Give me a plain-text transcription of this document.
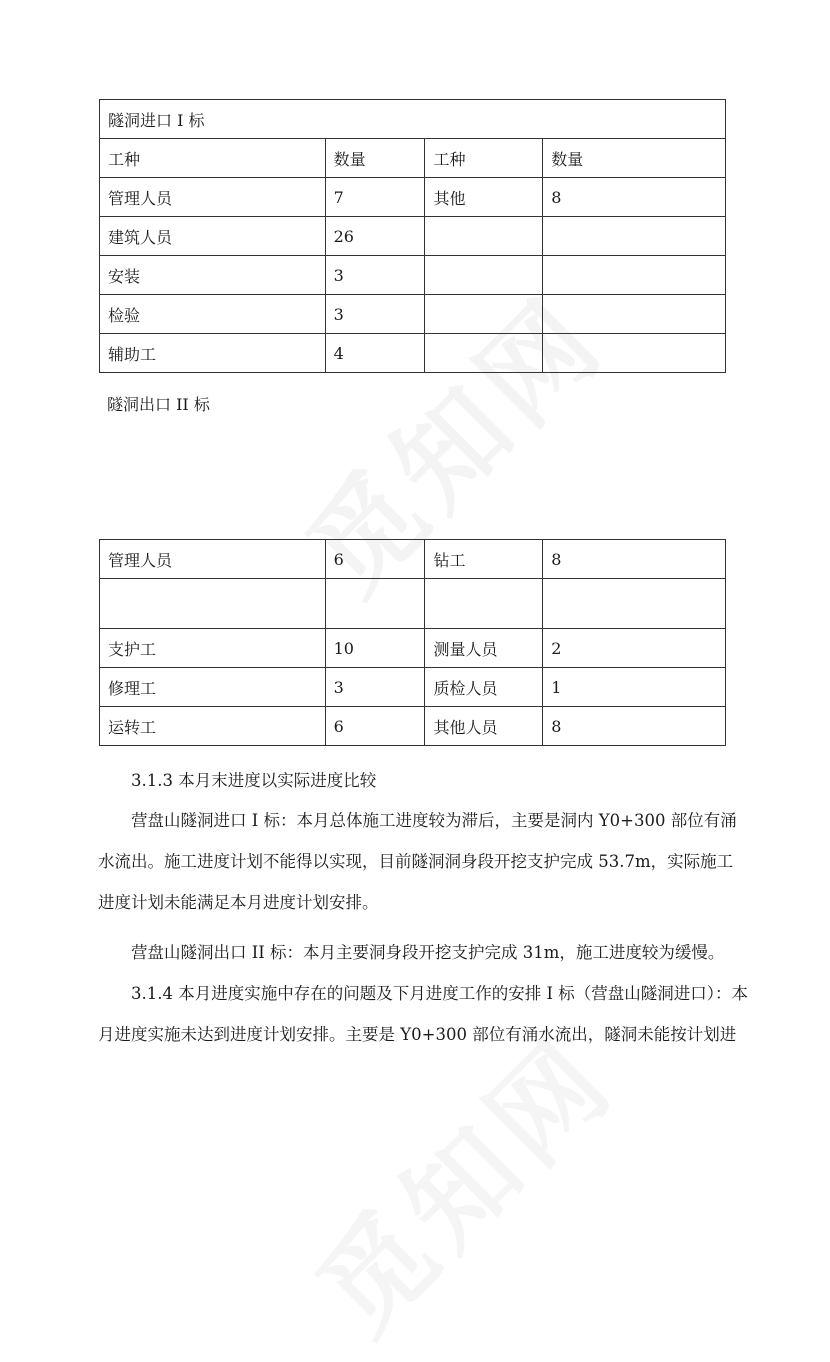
隧洞进口 I 标			
工种	数量	工种	数量
管理人员	7	其他	8
建筑人员	26		
安装	3		
检验	3		
辅助工	4		
隧洞出口 II 标
管理人员	6	钻工	8

支护工	10	测量人员	2
修理工	3	质检人员	1
运转工	6	其他人员	8

3.1.3 本月末进度以实际进度比较

营盘山隧洞进口 I 标：本月总体施工进度较为滞后，主要是洞内 Y0+300 部位有涌水流出。施工进度计划不能得以实现，目前隧洞洞身段开挖支护完成 53.7m，实际施工进度计划未能满足本月进度计划安排。

营盘山隧洞出口 II 标：本月主要洞身段开挖支护完成 31m，施工进度较为缓慢。

3.1.4 本月进度实施中存在的问题及下月进度工作的安排 I 标（营盘山隧洞进口）：本月进度实施未达到进度计划安排。主要是 Y0+300 部位有涌水流出，隧洞未能按计划进
